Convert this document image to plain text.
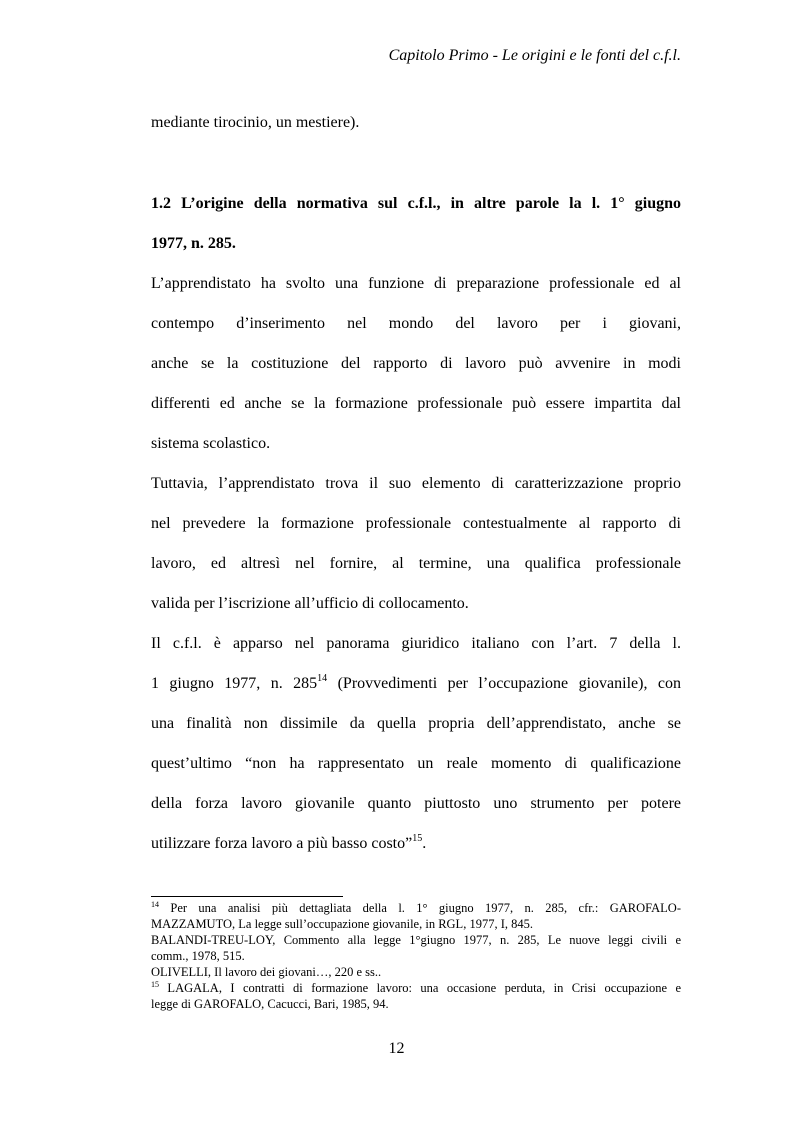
Capitolo Primo - Le origini e le fonti del c.f.l.
mediante tirocinio, un mestiere).
1.2 L’origine della normativa sul c.f.l., in altre parole la l. 1° giugno
1977, n. 285.
L’apprendistato ha svolto una funzione di preparazione professionale ed al
contempo d’inserimento nel mondo del lavoro per i giovani,
anche se la costituzione del rapporto di lavoro può avvenire in modi
differenti ed anche se la formazione professionale può essere impartita dal
sistema scolastico.
Tuttavia, l’apprendistato trova il suo elemento di caratterizzazione proprio
nel prevedere la formazione professionale contestualmente al rapporto di
lavoro, ed altresì nel fornire, al termine, una qualifica professionale
valida per l’iscrizione all’ufficio di collocamento.
Il c.f.l. è apparso nel panorama giuridico italiano con l’art. 7 della l.
1 giugno 1977, n. $285^{14}$ (Provvedimenti per l’occupazione giovanile), con
una finalità non dissimile da quella propria dell’apprendistato, anche se
quest’ultimo “non ha rappresentato un reale momento di qualificazione
della forza lavoro giovanile quanto piuttosto uno strumento per potere
utilizzare forza lavoro a più basso costo”$^{15}$.
$^{14}$ Per una analisi più dettagliata della l. 1° giugno 1977, n. 285, cfr.: GAROFALO-
MAZZAMUTO, La legge sull’occupazione giovanile, in RGL, 1977, I, 845.
BALANDI-TREU-LOY, Commento alla legge 1°giugno 1977, n. 285, Le nuove leggi civili e
comm., 1978, 515.
OLIVELLI, Il lavoro dei giovani…, 220 e ss..
$^{15}$ LAGALA, I contratti di formazione lavoro: una occasione perduta, in Crisi occupazione e
legge di GAROFALO, Cacucci, Bari, 1985, 94.
12
